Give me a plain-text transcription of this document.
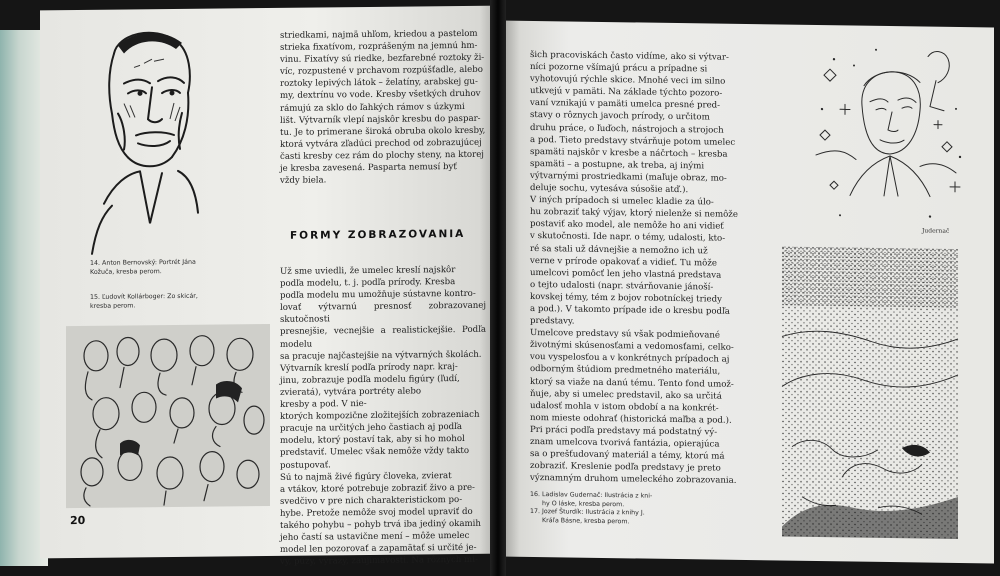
14. Anton Bernovský: Portrét Jána Kožuča, kresba perom.

15. Ľudovít Kollárboger: Zo skicár, kresba perom.

striedkami, najmä uhľom, kriedou a pastelom

strieka fixatívom, rozprášeným na jemnú hm-

vinu. Fixatívy sú riedke, bezfarebné roztoky ži-

víc, rozpustené v prchavom rozpúšťadle, alebo

roztoky lepivých látok – želatíny, arabskej gu-

my, dextrínu vo vode. Kresby všetkých druhov

rámujú za sklo do ľahkých rámov s úzkymi

lišt. Výtvarník vlepí najskôr kresbu do paspar-

tu. Je to primerane široká obruba okolo kresby,

ktorá vytvára zľadúci prechod od zobrazujúcej

časti kresby cez rám do plochy steny, na ktorej

je kresba zavesená. Pasparta nemusí byť

vždy biela.

FORMY ZOBRAZOVANIA

Už sme uviedli, že umelec kreslí najskôr

podľa modelu, t. j. podľa prírody. Kresba

podľa modelu mu umožňuje sústavne kontro-

lovať výtvarnú presnosť zobrazovanej skutočnosti

presnejšie, vecnejšie a realistickejšie. Podľa modelu

sa pracuje najčastejšie na výtvarných školách.

Výtvarník kreslí podľa prírody napr. kraj-

jinu, zobrazuje podľa modelu figúry (ľudí,

zvieratá), vytvára portréty alebo

kresby a pod. V nie-

ktorých kompozične zložitejších zobrazeniach

pracuje na určitých jeho častiach aj podľa

modelu, ktorý postaví tak, aby si ho mohol

predstaviť. Umelec však nemôže vždy takto

postupovať.

Sú to najmä živé figúry človeka, zvierat

a vtákov, ktoré potrebuje zobraziť živo a pre-

svedčivo v pre nich charakteristickom po-

hybe. Pretože nemôže svoj model upraviť do

takého pohybu – pohyb trvá iba jediný okamih

jeho častí sa ustavične mení – môže umelec

model len pozorovať a zapamätať si určité je-

vy, púzy, výrazy, zaujímavosti. Na rôznych mi-

20

šich pracoviskách často vidíme, ako si výtvar-

níci pozorne všímajú prácu a prípadne si

vyhotovujú rýchle skice. Mnohé veci im silno

utkvejú v pamäti. Na základe týchto pozoro-

vaní vznikajú v pamäti umelca presné pred-

stavy o rôznych javoch prírody, o určitom

druhu práce, o ľuďoch, nástrojoch a strojoch

a pod. Tieto predstavy stvárňuje potom umelec

spamäti najskôr v kresbe a náčrtoch – kresba

spamäti – a postupne, ak treba, aj inými

výtvarnými prostriedkami (maľuje obraz, mo-

deluje sochu, vytesáva súsošie atď.).

V iných prípadoch si umelec kladie za úlo-

hu zobraziť taký výjav, ktorý nielenže si nemôže

postaviť ako model, ale nemôže ho ani vidieť

v skutočnosti. Ide napr. o témy, udalosti, kto-

ré sa stali už dávnejšie a nemožno ich už

verne v prírode opakovať a vidieť. Tu môže

umelcovi pomôcť len jeho vlastná predstava

o tejto udalosti (napr. stvárňovanie jánoší-

kovskej témy, tém z bojov robotníckej triedy

a pod.). V takomto prípade ide o kresbu podľa

predstavy.

Umelcove predstavy sú však podmieňované

životnými skúsenosťami a vedomosťami, celko-

vou vyspelosťou a v konkrétnych prípadoch aj

odborným štúdiom predmetného materiálu,

ktorý sa viaže na danú tému. Tento fond umož-

ňuje, aby si umelec predstavil, ako sa určitá

udalosť mohla v istom období a na konkrét-

nom mieste odohrať (historická maľba a pod.).

Pri práci podľa predstavy má podstatný vý-

znam umelcova tvorivá fantázia, opierajúca

sa o prešťudovaný materiál a témy, ktorú má

zobraziť. Kreslenie podľa predstavy je preto

významným druhom umeleckého zobrazovania.

16. Ladislav Gudernač: Ilustrácia z kni-

hy O láske, kresba perom.

17. Jozef Šturdík: Ilustrácia z knihy J.

Kráľa Básne, kresba perom.

Judernač
